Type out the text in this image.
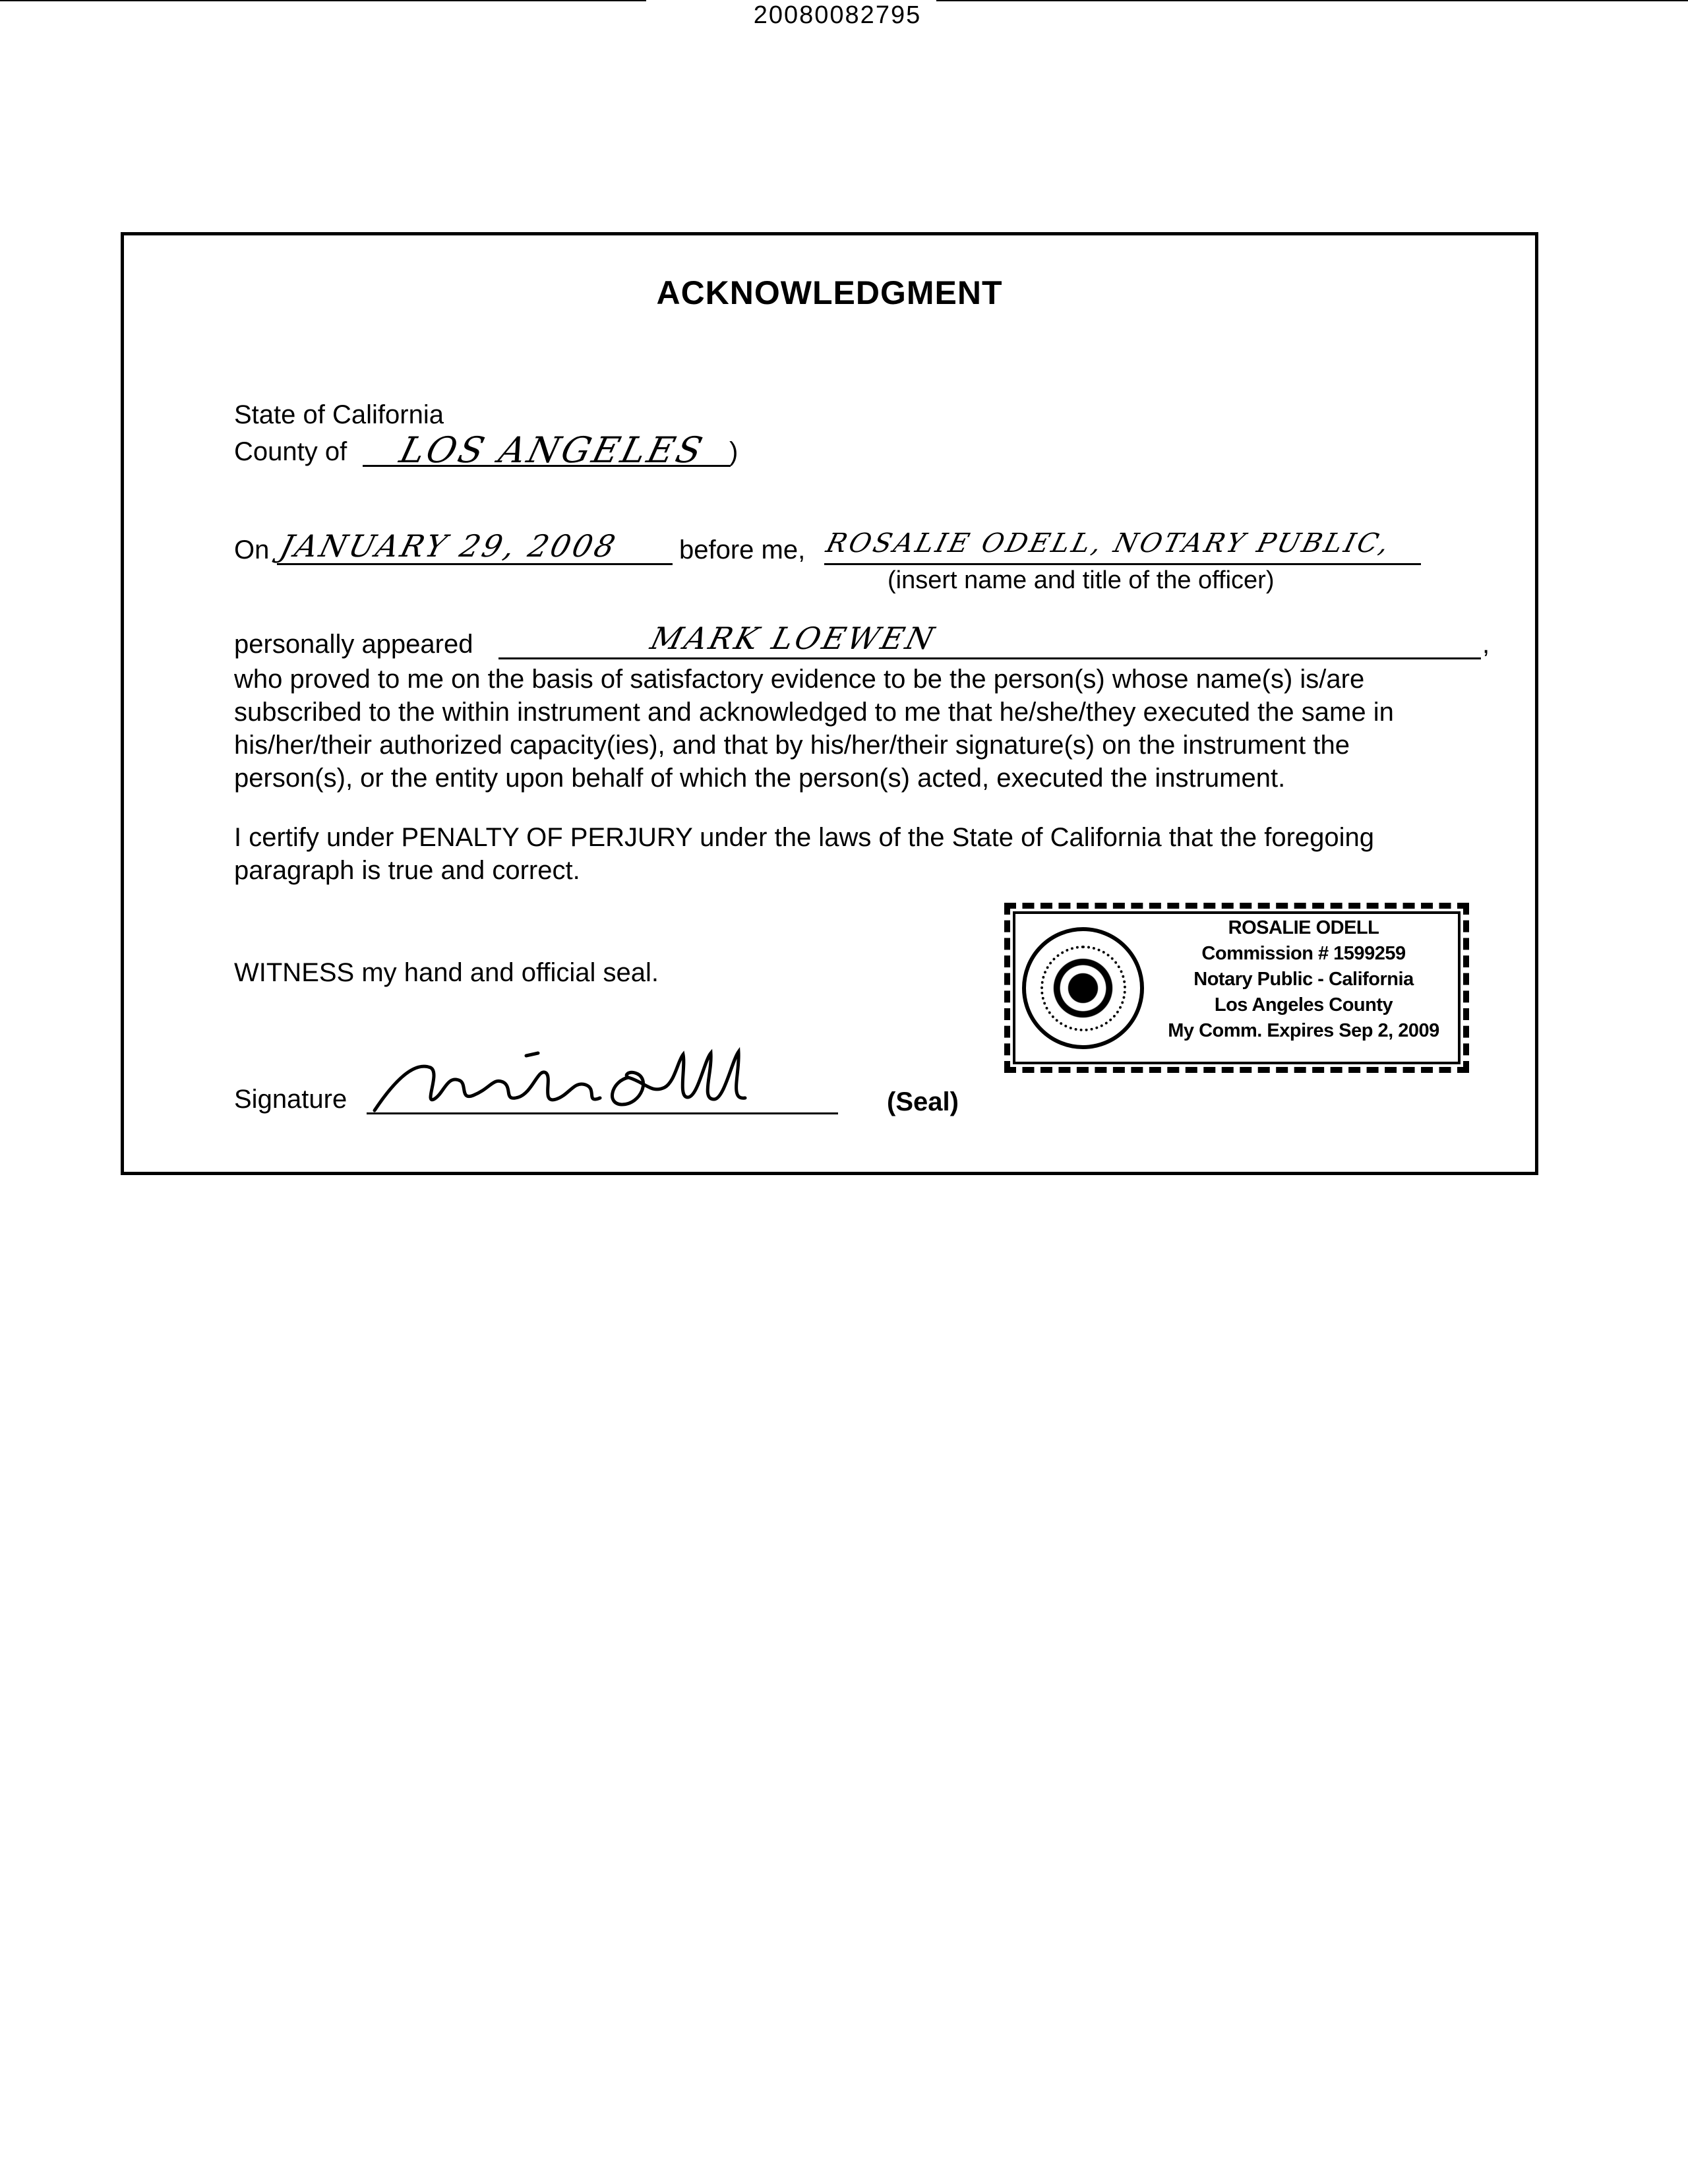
20080082795
ACKNOWLEDGMENT
State of California
County of LOS ANGELES )
On JANUARY 29, 2008 before me, ROSALIE ODELL, NOTARY PUBLIC,
(insert name and title of the officer)
personally appeared	MARK LOEWEN	,

who proved to me on the basis of satisfactory evidence to be the person(s) whose name(s) is/are

subscribed to the within instrument and acknowledged to me that he/she/they executed the same in

his/her/their authorized capacity(ies), and that by his/her/their signature(s) on the instrument the

person(s), or the entity upon behalf of which the person(s) acted, executed the instrument.

I certify under PENALTY OF PERJURY under the laws of the State of California that the foregoing

paragraph is true and correct.

WITNESS my hand and official seal.
ROSALIE ODELL
Commission # 1599259
Notary Public - California
Los Angeles County
My Comm. Expires Sep 2, 2009
Signature	(Seal)
